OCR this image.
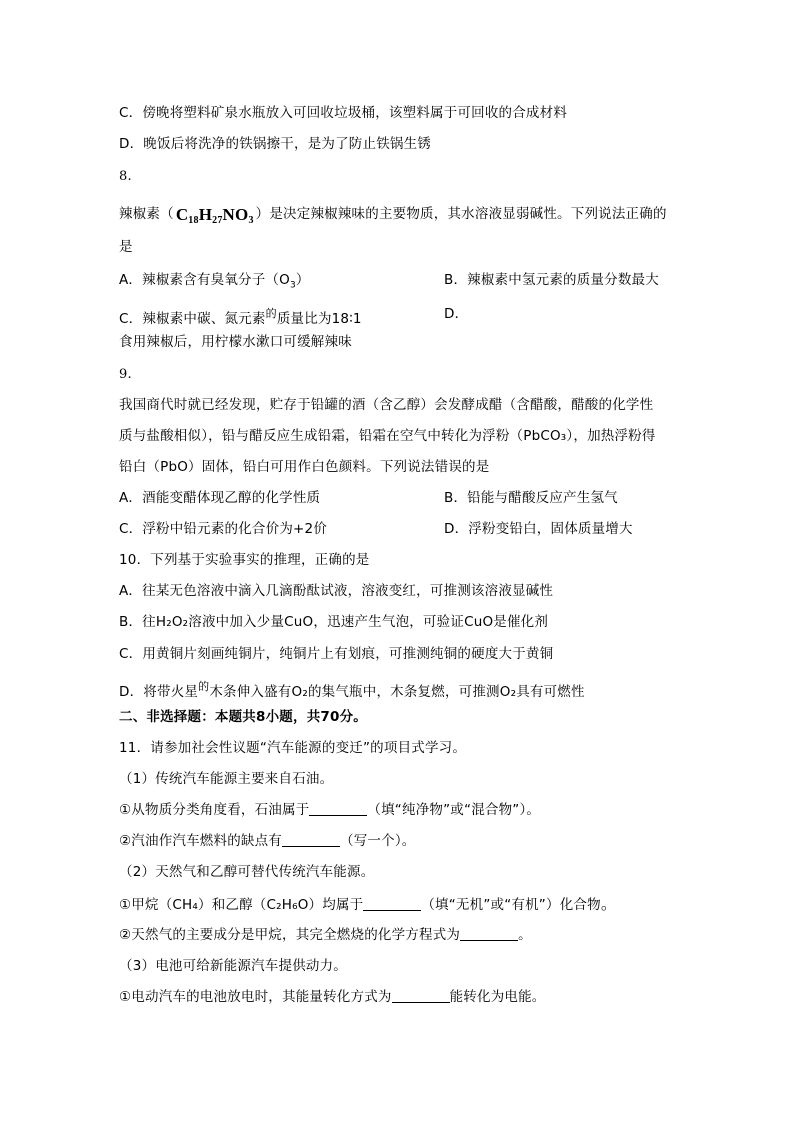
C．傍晚将塑料矿泉水瓶放入可回收垃圾桶，该塑料属于可回收的合成材料
D．晚饭后将洗净的铁锅擦干，是为了防止铁锅生锈
8.
辣椒素（ $C_{18}H_{27}NO_3$ ）是决定辣椒辣味的主要物质，其水溶液显弱碱性。下列说法正确的
是
A．辣椒素含有臭氧分子$(O_3)$	B．辣椒素中氢元素的质量分数最大
C．辣椒素中碳、氮元素$^的$质量比为18∶1	D．
食用辣椒后，用柠檬水漱口可缓解辣味
9.
我国商代时就已经发现，贮存于铅罐的酒（含乙醇）会发酵成醋（含醋酸，醋酸的化学性
质与盐酸相似），铅与醋反应生成铅霜，铅霜在空气中转化为浮粉（PbCO₃），加热浮粉得
铅白（PbO）固体，铅白可用作白色颜料。下列说法错误的是
A．酒能变醋体现乙醇的化学性质	B．铅能与醋酸反应产生氢气
C．浮粉中铅元素的化合价为+2价	D．浮粉变铅白，固体质量增大
10．下列基于实验事实的推理，正确的是
A．往某无色溶液中滴入几滴酚酞试液，溶液变红，可推测该溶液显碱性
B．往H₂O₂溶液中加入少量CuO，迅速产生气泡，可验证CuO是催化剂
C．用黄铜片刻画纯铜片，纯铜片上有划痕，可推测纯铜的硬度大于黄铜
D．将带火星$^的$木条伸入盛有O₂的集气瓶中，木条复燃，可推测O₂具有可燃性
二、非选择题：本题共8小题，共70分。
11．请参加社会性议题“汽车能源的变迁”的项目式学习。
（1）传统汽车能源主要来自石油。
①从物质分类角度看，石油属于	（填“纯净物”或“混合物”）。
②汽油作汽车燃料的缺点有	（写一个）。
（2）天然气和乙醇可替代传统汽车能源。
①甲烷（CH₄）和乙醇（C₂H₆O）均属于	（填“无机”或“有机”）化合物。
②天然气的主要成分是甲烷，其完全燃烧的化学方程式为	。
（3）电池可给新能源汽车提供动力。
①电动汽车的电池放电时，其能量转化方式为	能转化为电能。
